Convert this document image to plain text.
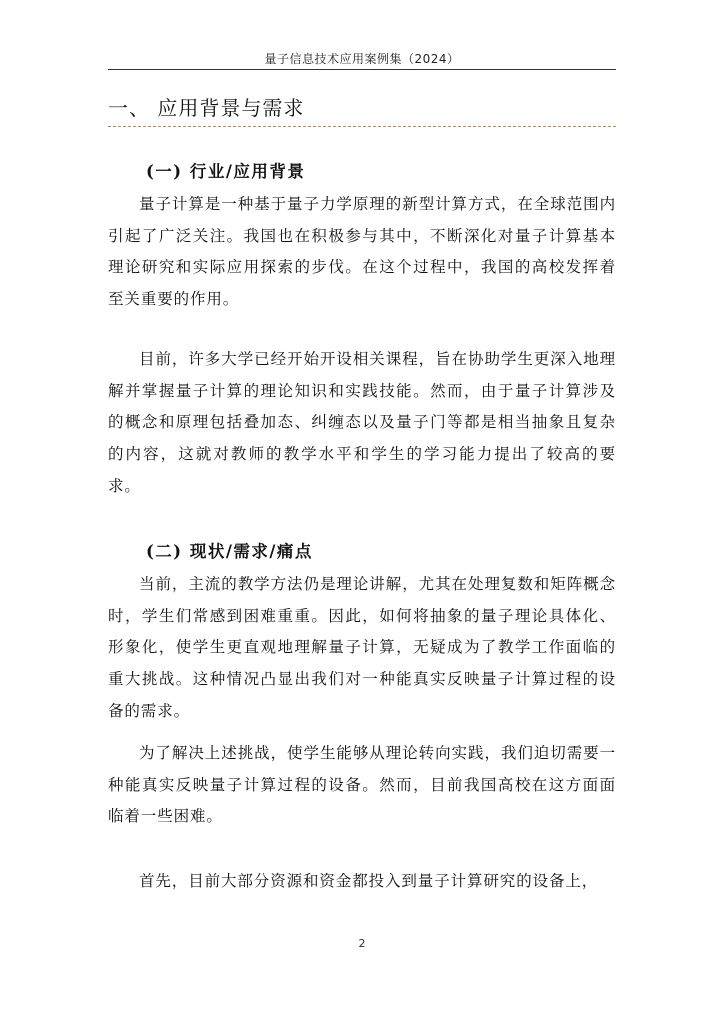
量子信息技术应用案例集（2024）
一、 应用背景与需求
(一) 行业/应用背景

量子计算是一种基于量子力学原理的新型计算方式，在全球范围内引起了广泛关注。我国也在积极参与其中，不断深化对量子计算基本理论研究和实际应用探索的步伐。在这个过程中，我国的高校发挥着至关重要的作用。

目前，许多大学已经开始开设相关课程，旨在协助学生更深入地理解并掌握量子计算的理论知识和实践技能。然而，由于量子计算涉及的概念和原理包括叠加态、纠缠态以及量子门等都是相当抽象且复杂的内容，这就对教师的教学水平和学生的学习能力提出了较高的要求。

(二) 现状/需求/痛点

当前，主流的教学方法仍是理论讲解，尤其在处理复数和矩阵概念时，学生们常感到困难重重。因此，如何将抽象的量子理论具体化、形象化，使学生更直观地理解量子计算，无疑成为了教学工作面临的重大挑战。这种情况凸显出我们对一种能真实反映量子计算过程的设备的需求。

为了解决上述挑战，使学生能够从理论转向实践，我们迫切需要一种能真实反映量子计算过程的设备。然而，目前我国高校在这方面面临着一些困难。

首先，目前大部分资源和资金都投入到量子计算研究的设备上，

2
